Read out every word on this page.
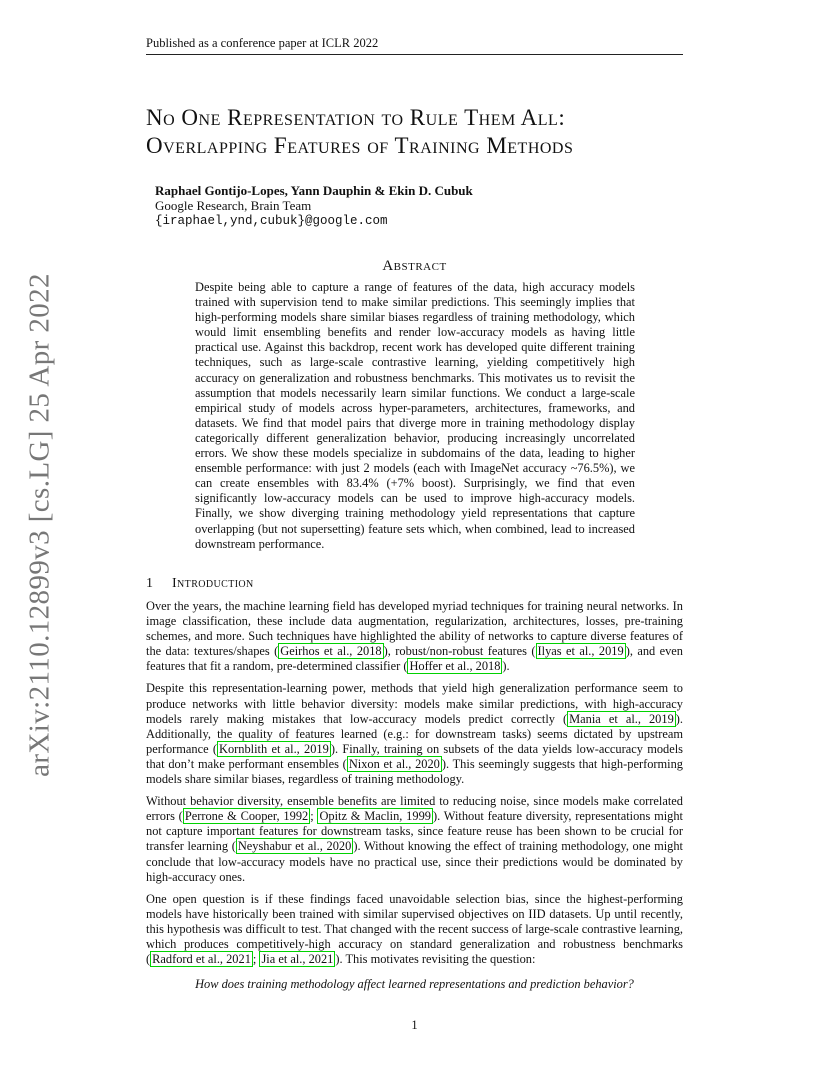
Published as a conference paper at ICLR 2022
arXiv:2110.12899v3 [cs.LG] 25 Apr 2022
No One Representation to Rule Them All:
Overlapping Features of Training Methods
Raphael Gontijo-Lopes, Yann Dauphin & Ekin D. Cubuk
Google Research, Brain Team
{iraphael,ynd,cubuk}@google.com
Abstract
Despite being able to capture a range of features of the data, high accuracy models trained with supervision tend to make similar predictions. This seemingly implies that high-performing models share similar biases regardless of training methodology, which would limit ensembling benefits and render low-accuracy models as having little practical use. Against this backdrop, recent work has developed quite different training techniques, such as large-scale contrastive learning, yielding competitively high accuracy on generalization and robustness benchmarks. This motivates us to revisit the assumption that models necessarily learn similar functions. We conduct a large-scale empirical study of models across hyper-parameters, architectures, frameworks, and datasets. We find that model pairs that diverge more in training methodology display categorically different generalization behavior, producing increasingly uncorrelated errors. We show these models specialize in subdomains of the data, leading to higher ensemble performance: with just 2 models (each with ImageNet accuracy ~76.5%), we can create ensembles with 83.4% (+7% boost). Surprisingly, we find that even significantly low-accuracy models can be used to improve high-accuracy models. Finally, we show diverging training methodology yield representations that capture overlapping (but not supersetting) feature sets which, when combined, lead to increased downstream performance.
1 Introduction

Over the years, the machine learning field has developed myriad techniques for training neural networks. In image classification, these include data augmentation, regularization, architectures, losses, pre-training schemes, and more. Such techniques have highlighted the ability of networks to capture diverse features of the data: textures/shapes ( Geirhos et al., 2018 ), robust/non-robust features ( Ilyas et al., 2019 ), and even features that fit a random, pre-determined classifier ( Hoffer et al., 2018 ).

Despite this representation-learning power, methods that yield high generalization performance seem to produce networks with little behavior diversity: models make similar predictions, with high-accuracy models rarely making mistakes that low-accuracy models predict correctly ( Mania et al., 2019 ). Additionally, the quality of features learned (e.g.: for downstream tasks) seems dictated by upstream performance ( Kornblith et al., 2019 ). Finally, training on subsets of the data yields low-accuracy models that don’t make performant ensembles ( Nixon et al., 2020 ). This seemingly suggests that high-performing models share similar biases, regardless of training methodology.

Without behavior diversity, ensemble benefits are limited to reducing noise, since models make correlated errors ( Perrone & Cooper, 1992 ; Opitz & Maclin, 1999 ). Without feature diversity, representations might not capture important features for downstream tasks, since feature reuse has been shown to be crucial for transfer learning ( Neyshabur et al., 2020 ). Without knowing the effect of training methodology, one might conclude that low-accuracy models have no practical use, since their predictions would be dominated by high-accuracy ones.

One open question is if these findings faced unavoidable selection bias, since the highest-performing models have historically been trained with similar supervised objectives on IID datasets. Up until recently, this hypothesis was difficult to test. That changed with the recent success of large-scale contrastive learning, which produces competitively-high accuracy on standard generalization and robustness benchmarks ( Radford et al., 2021 ; Jia et al., 2021 ). This motivates revisiting the question:

How does training methodology affect learned representations and prediction behavior?
1
